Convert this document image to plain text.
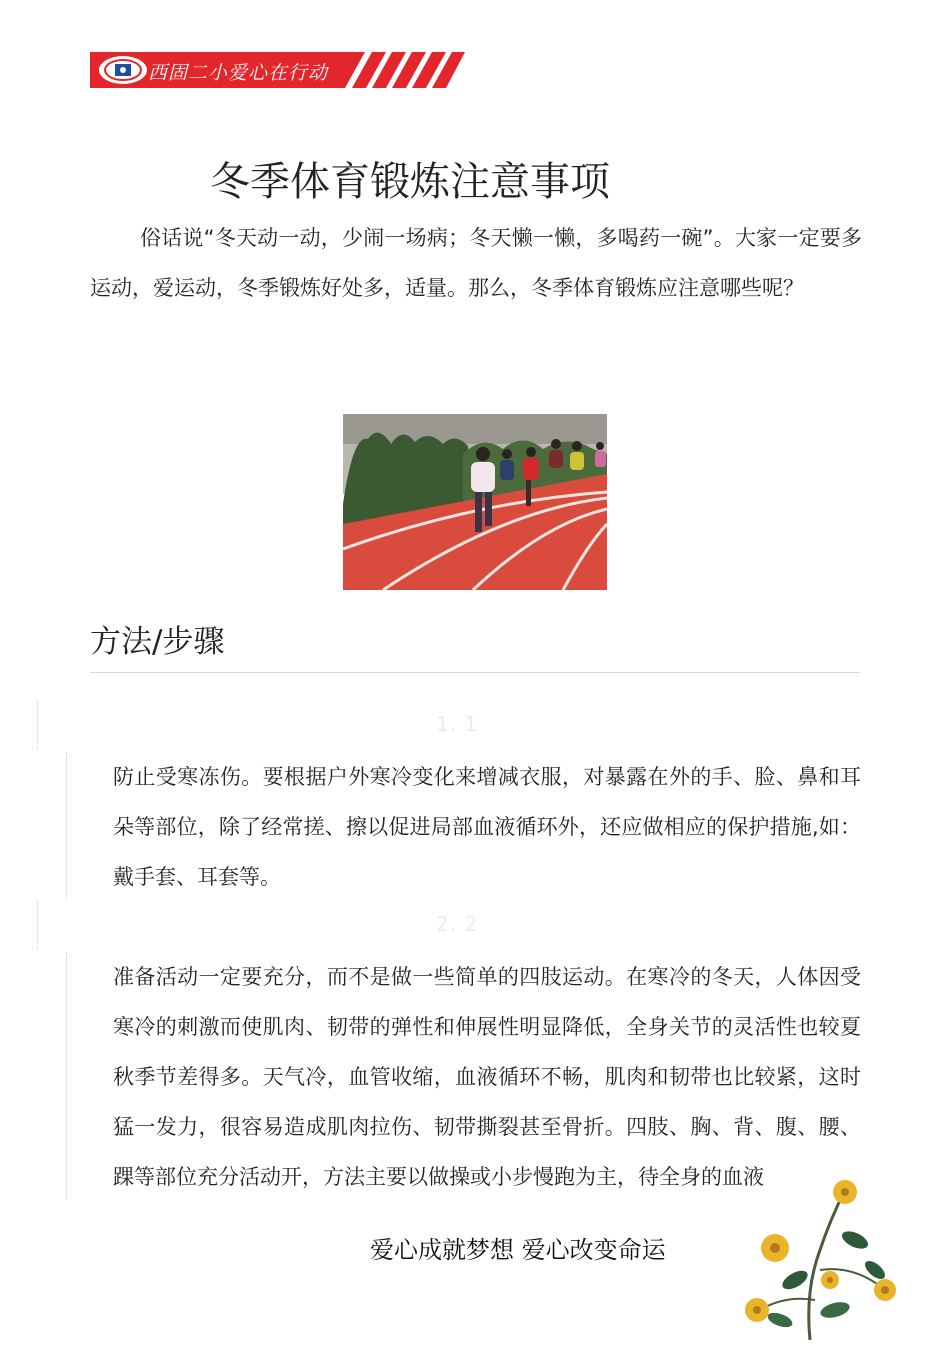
西固二小爱心在行动
冬季体育锻炼注意事项
俗话说“冬天动一动，少闹一场病；冬天懒一懒，多喝药一碗”。大家一定要多运动，爱运动，冬季锻炼好处多，适量。那么，冬季体育锻炼应注意哪些呢？
方法/步骤
1. 1
防止受寒冻伤。要根据户外寒冷变化来增减衣服，对暴露在外的手、脸、鼻和耳朵等部位，除了经常搓、擦以促进局部血液循环外，还应做相应的保护措施,如：戴手套、耳套等。
2. 2
准备活动一定要充分，而不是做一些简单的四肢运动。在寒冷的冬天，人体因受寒冷的刺激而使肌肉、韧带的弹性和伸展性明显降低，全身关节的灵活性也较夏秋季节差得多。天气冷，血管收缩，血液循环不畅，肌肉和韧带也比较紧，这时猛一发力，很容易造成肌肉拉伤、韧带撕裂甚至骨折。四肢、胸、背、腹、腰、踝等部位充分活动开，方法主要以做操或小步慢跑为主，待全身的血液
爱心成就梦想 爱心改变命运
